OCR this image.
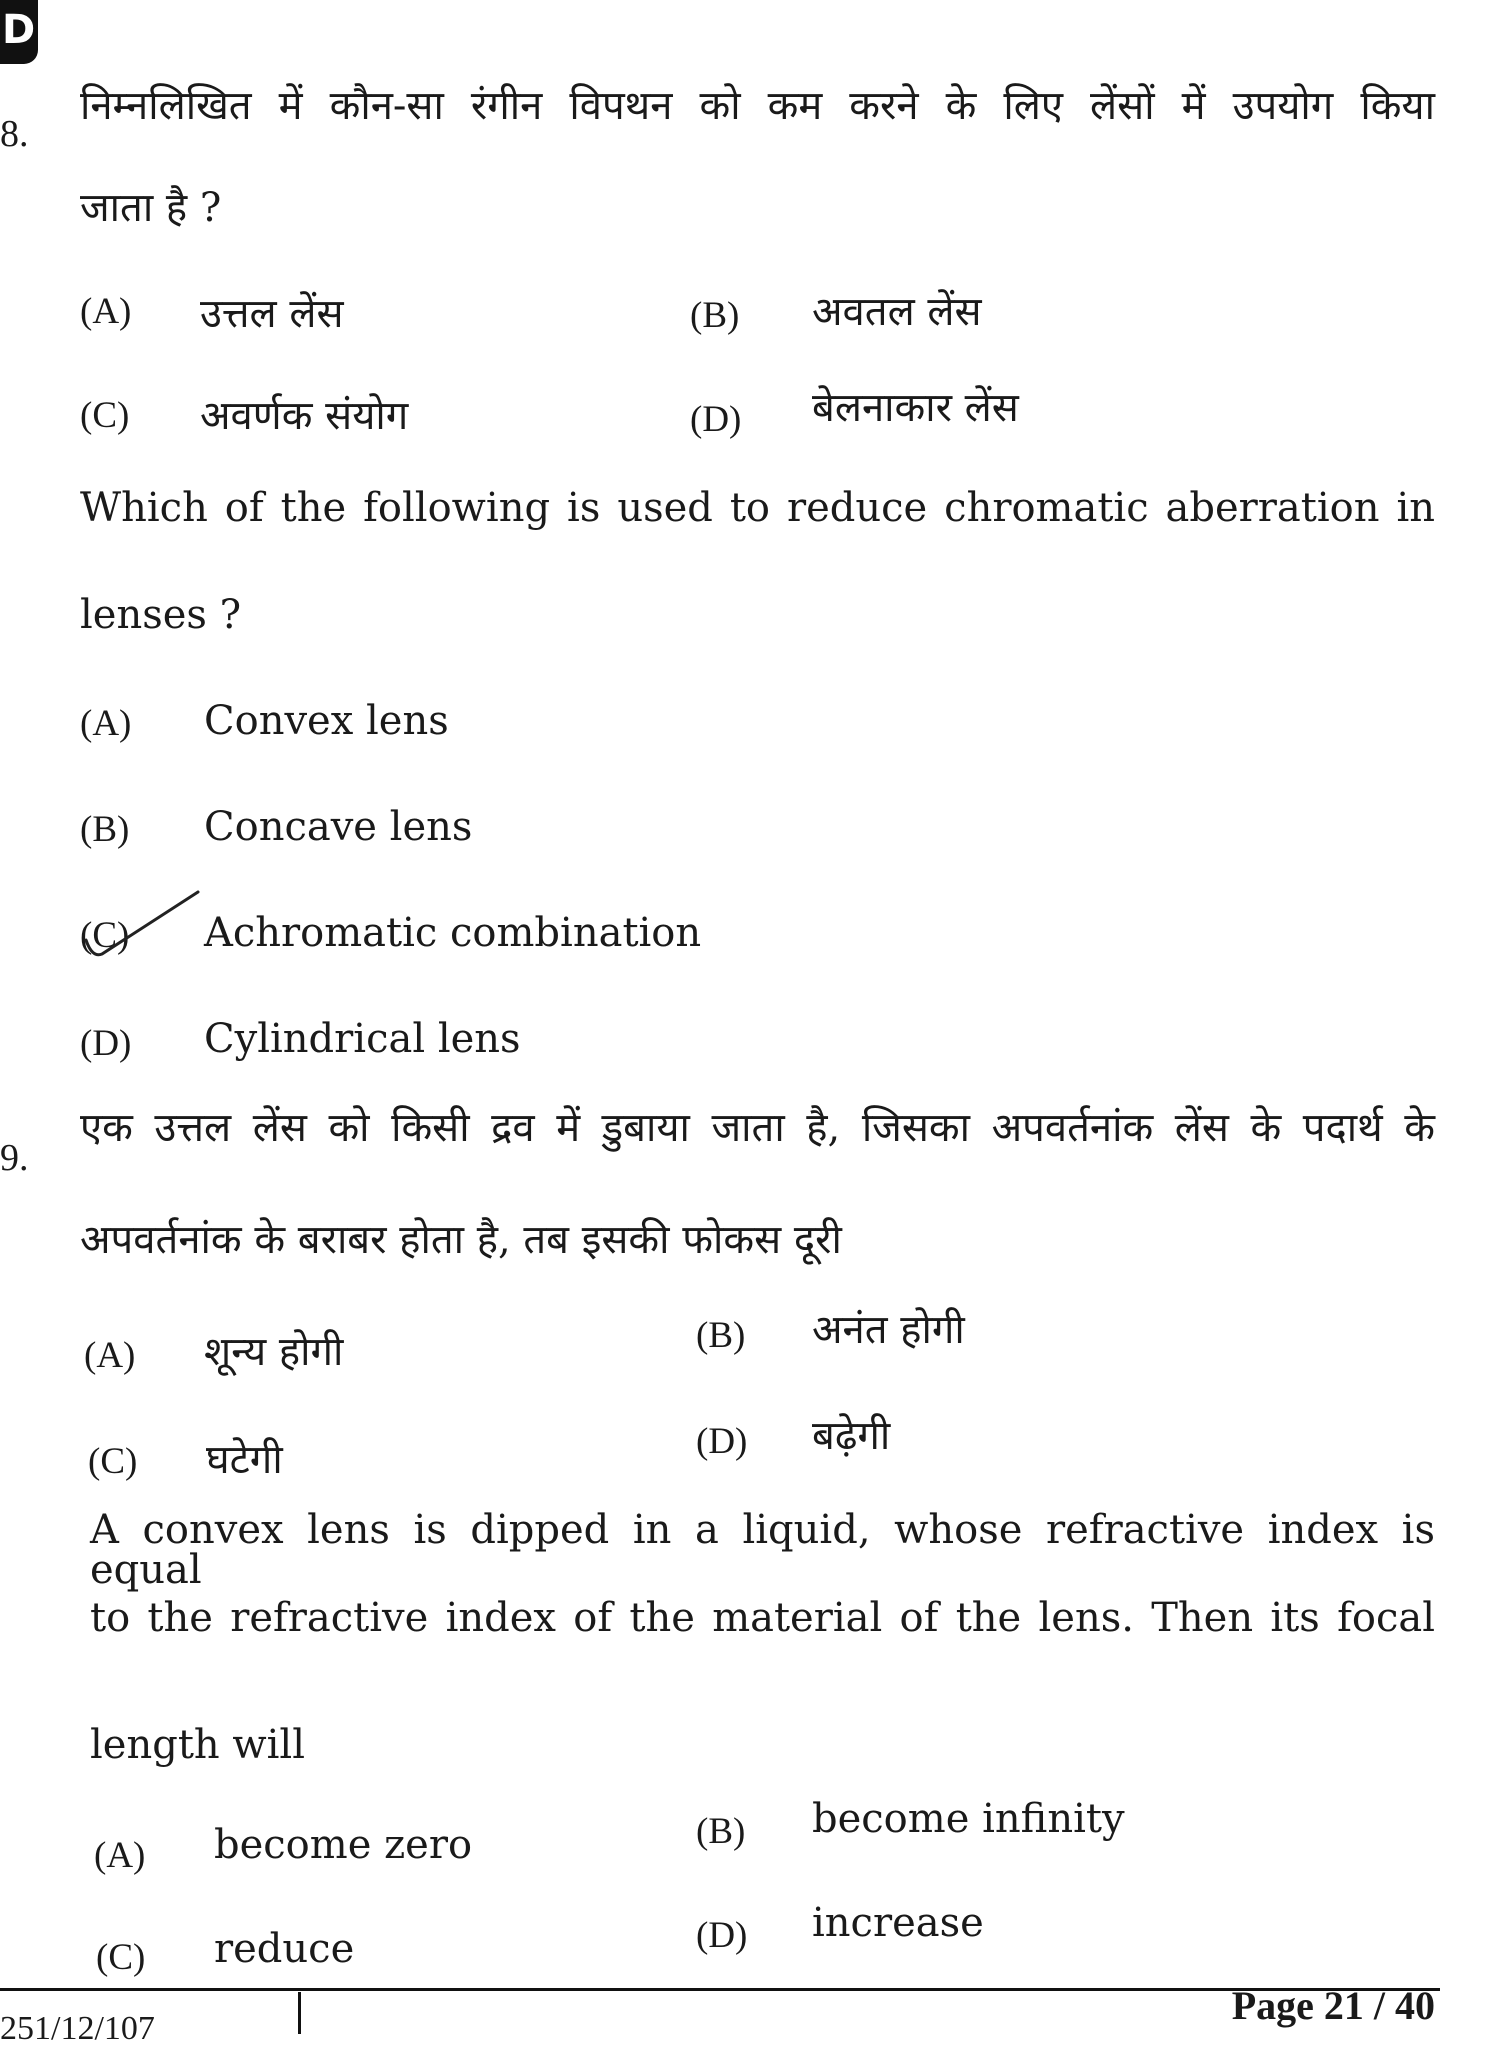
D
8.
निम्नलिखित में कौन-सा रंगीन विपथन को कम करने के लिए लेंसों में उपयोग किया
जाता है ?
(A) उत्तल लेंस	(B) अवतल लेंस
(C) अवर्णक संयोग	(D) बेलनाकार लेंस
Which of the following is used to reduce chromatic aberration in
lenses ?
(A) Convex lens
(B) Concave lens
(C) Achromatic combination
(D) Cylindrical lens
9.
एक उत्तल लेंस को किसी द्रव में डुबाया जाता है, जिसका अपवर्तनांक लेंस के पदार्थ के
अपवर्तनांक के बराबर होता है, तब इसकी फोकस दूरी
(A) शून्य होगी	(B) अनंत होगी
(C) घटेगी	(D) बढ़ेगी
A convex lens is dipped in a liquid, whose refractive index is equal
to the refractive index of the material of the lens. Then its focal
length will
(A) become zero	(B) become infinity
(C) reduce	(D) increase
251/12/107
Page 21 / 40
